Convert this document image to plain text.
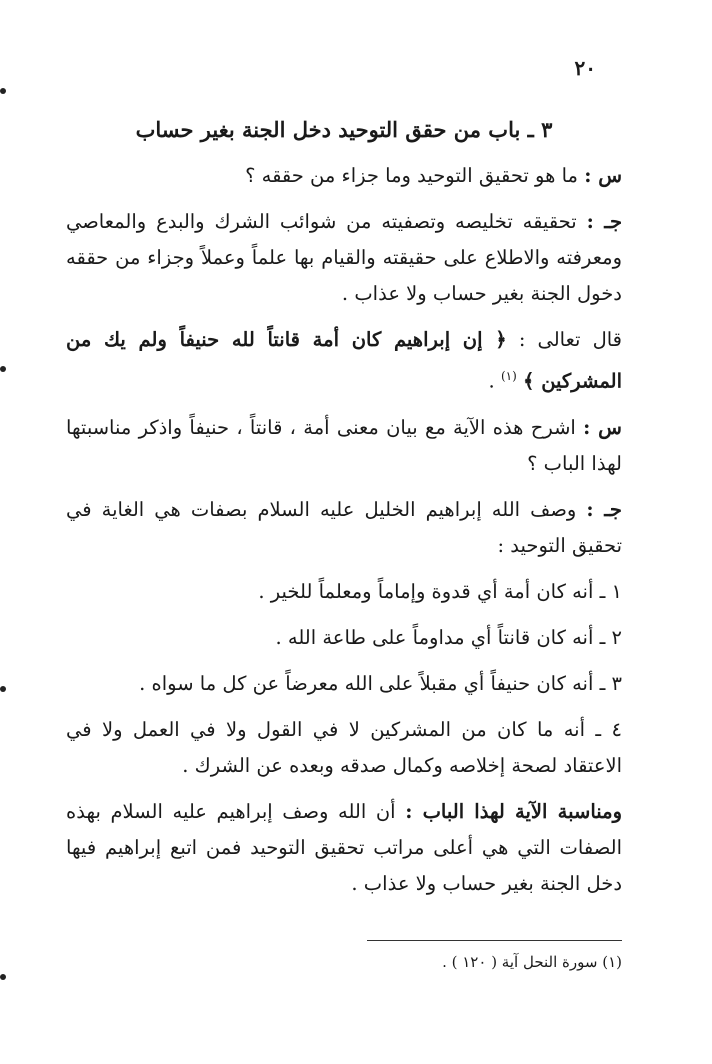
٢٠
٣ ـ باب من حقق التوحيد دخل الجنة بغير حساب

س : ما هو تحقيق التوحيد وما جزاء من حققه ؟

جـ : تحقيقه تخليصه وتصفيته من شوائب الشرك والبدع والمعاصي ومعرفته والاطلاع على حقيقته والقيام بها علماً وعملاً وجزاء من حققه دخول الجنة بغير حساب ولا عذاب .

قال تعالى : ﴿ إن إبراهيم كان أمة قانتاً لله حنيفاً ولم يك من المشركين ﴾ $^{(١)}$ .

س : اشرح هذه الآية مع بيان معنى أمة ، قانتاً ، حنيفاً واذكر مناسبتها لهذا الباب ؟

جـ : وصف الله إبراهيم الخليل عليه السلام بصفات هي الغاية في تحقيق التوحيد :

١ ـ أنه كان أمة أي قدوة وإماماً ومعلماً للخير .
٢ ـ أنه كان قانتاً أي مداوماً على طاعة الله .
٣ ـ أنه كان حنيفاً أي مقبلاً على الله معرضاً عن كل ما سواه .
٤ ـ أنه ما كان من المشركين لا في القول ولا في العمل ولا في الاعتقاد لصحة إخلاصه وكمال صدقه وبعده عن الشرك .

ومناسبة الآية لهذا الباب : أن الله وصف إبراهيم عليه السلام بهذه الصفات التي هي أعلى مراتب تحقيق التوحيد فمن اتبع إبراهيم فيها دخل الجنة بغير حساب ولا عذاب .

(١) سورة النحل آية ( ١٢٠ ) .
